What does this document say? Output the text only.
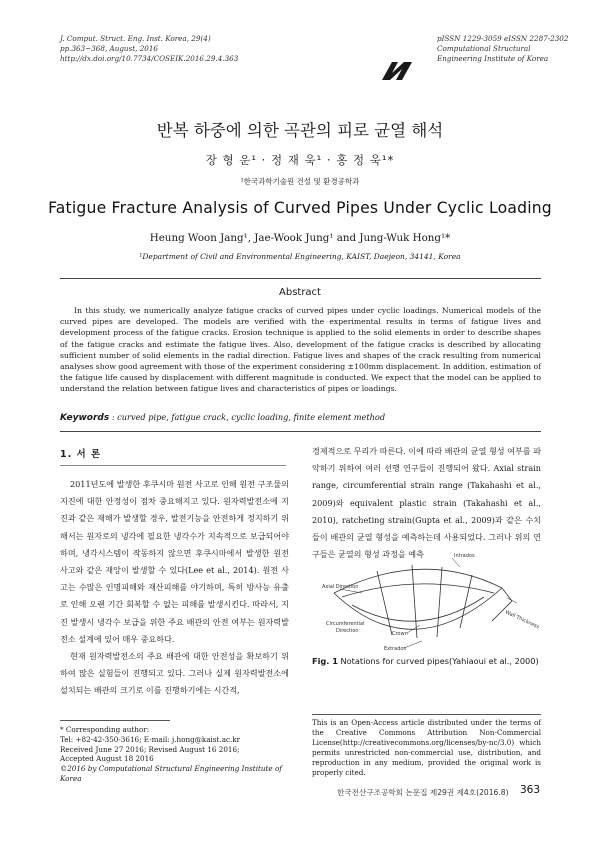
J. Comput. Struct. Eng. Inst. Korea, 29(4)
pp.363~368, August, 2016
http://dx.doi.org/10.7734/COSEIK.2016.29.4.363
pISSN 1229-3059 eISSN 2287-2302
Computational Structural
Engineering Institute of Korea
반복 하중에 의한 곡관의 피로 균열 해석
장 형 운¹ · 정 재 욱¹ · 홍 정 욱¹*
¹한국과학기술원 건설 및 환경공학과
Fatigue Fracture Analysis of Curved Pipes Under Cyclic Loading
Heung Woon Jang¹, Jae-Wook Jung¹ and Jung-Wuk Hong¹*
¹Department of Civil and Environmental Engineering, KAIST, Daejeon, 34141, Korea
Abstract
In this study, we numerically analyze fatigue cracks of curved pipes under cyclic loadings. Numerical models of the curved pipes are developed. The models are verified with the experimental results in terms of fatigue lives and development process of the fatigue cracks. Erosion technique is applied to the solid elements in order to describe shapes of the fatigue cracks and estimate the fatigue lives. Also, development of the fatigue cracks is described by allocating sufficient number of solid elements in the radial direction. Fatigue lives and shapes of the crack resulting from numerical analyses show good agreement with those of the experiment considering ±100mm displacement. In addition, estimation of the fatigue life caused by displacement with different magnitude is conducted. We expect that the model can be applied to understand the relation between fatigue lives and characteristics of pipes or loadings.
Keywords : curved pipe, fatigue crack, cyclic loading, finite element method
1. 서 론

2011년도에 발생한 후쿠시마 원전 사고로 인해 원전 구조물의 지진에 대한 안정성이 점차 중요해지고 있다. 원자력발전소에 지진과 같은 재해가 발생할 경우, 발전기능을 안전하게 정지하기 위해서는 원자로의 냉각에 필요한 냉각수가 지속적으로 보급되어야 하며, 냉각시스템이 작동하지 않으면 후쿠시마에서 발생한 원전사고와 같은 재앙이 발생할 수 있다(Lee et al., 2014). 원전 사고는 수많은 인명피해와 재산피해를 야기하며, 특히 방사능 유출로 인해 오랜 기간 회복할 수 없는 피해를 발생시킨다. 따라서, 지진 발생시 냉각수 보급을 위한 주요 배관의 안전 여부는 원자력발전소 설계에 있어 매우 중요하다.

현재 원자력발전소의 주요 배관에 대한 안전성을 확보하기 위하여 많은 실험들이 진행되고 있다. 그러나 실제 원자력발전소에 설치되는 배관의 크기로 이를 진행하기에는 시간적,

경제적으로 무리가 따른다. 이에 따라 배관의 균열 형성 여부를 파악하기 위하여 여러 선행 연구들이 진행되어 왔다. Axial strain range, circumferential strain range (Takahashi et al., 2009)와 equivalent plastic strain (Takahashi et al., 2010), ratcheting strain(Gupta et al., 2009)과 같은 수치들이 배관의 균열 형성을 예측하는데 사용되었다. 그러나 위의 연구들은 균열의 형성 과정을 예측	Intrados
Axial Direction
Wall Thickness
Circumferential
Direction	Crown
Extrados
Fig. 1 Notations for curved pipes(Yahiaoui et al., 2000)
* Corresponding author:
Tel: +82-42-350-3616; E-mail: j.hong@kaist.ac.kr
Received June 27 2016; Revised August 16 2016;
Accepted August 18 2016
©2016 by Computational Structural Engineering Institute of Korea
This is an Open-Access article distributed under the terms of the Creative Commons Attribution Non-Commercial License(http://creativecommons.org/licenses/by-nc/3.0) which permits unrestricted non-commercial use, distribution, and reproduction in any medium, provided the original work is properly cited.
한국전산구조공학회 논문집 제29권 제4호(2016.8) 363
